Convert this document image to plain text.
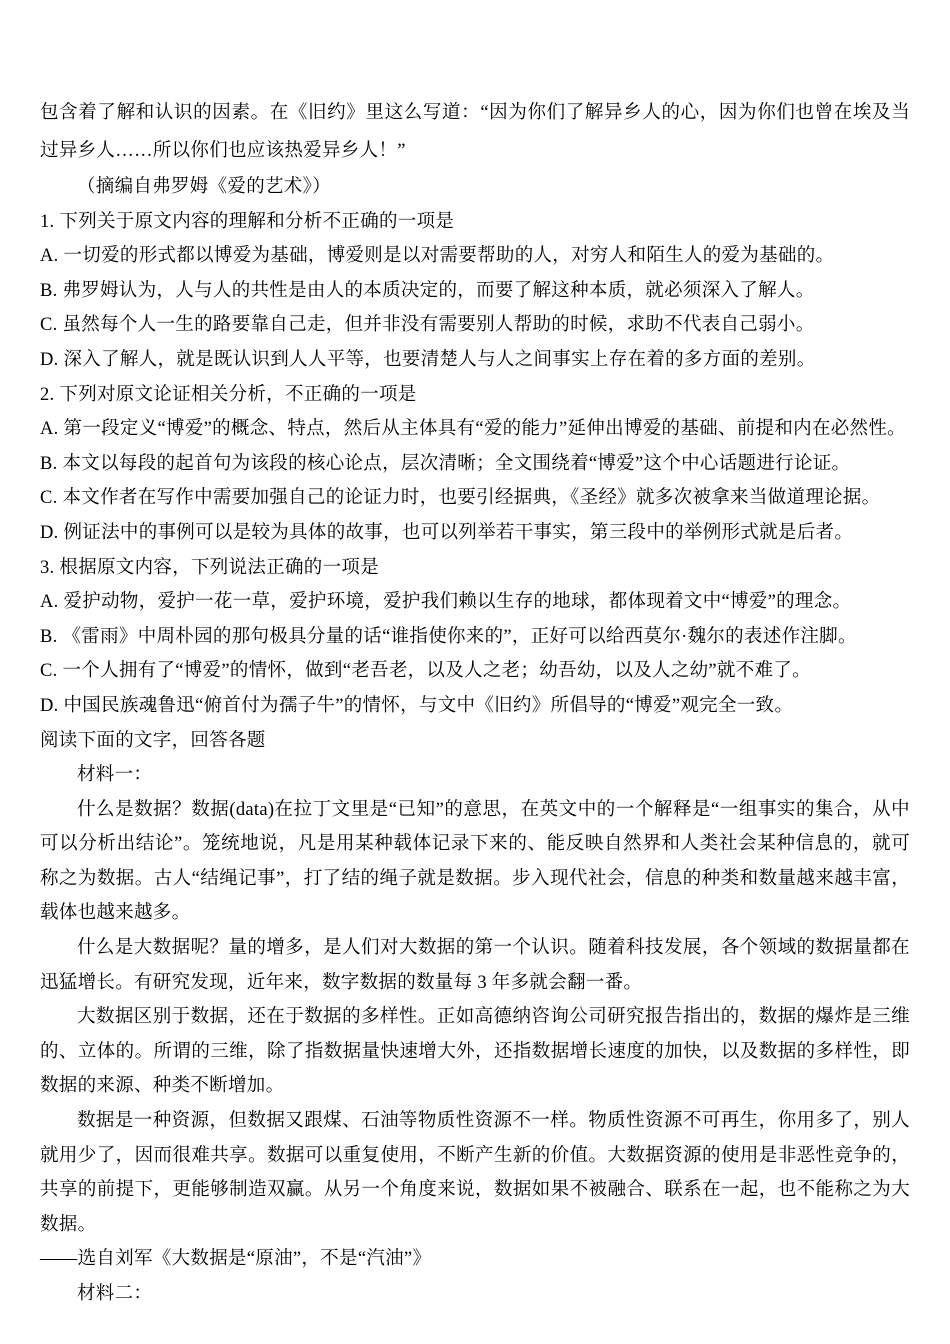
包含着了解和认识的因素。在《旧约》里这么写道：“因为你们了解异乡人的心，因为你们也曾在埃及当过异乡人……所以你们也应该热爱异乡人！”

（摘编自弗罗姆《爱的艺术》）

1. 下列关于原文内容的理解和分析不正确的一项是

A. 一切爱的形式都以博爱为基础，博爱则是以对需要帮助的人，对穷人和陌生人的爱为基础的。

B. 弗罗姆认为，人与人的共性是由人的本质决定的，而要了解这种本质，就必须深入了解人。

C. 虽然每个人一生的路要靠自己走，但并非没有需要别人帮助的时候，求助不代表自己弱小。

D. 深入了解人，就是既认识到人人平等，也要清楚人与人之间事实上存在着的多方面的差别。

2. 下列对原文论证相关分析，不正确的一项是

A. 第一段定义“博爱”的概念、特点，然后从主体具有“爱的能力”延伸出博爱的基础、前提和内在必然性。

B. 本文以每段的起首句为该段的核心论点，层次清晰；全文围绕着“博爱”这个中心话题进行论证。

C. 本文作者在写作中需要加强自己的论证力时，也要引经据典，《圣经》就多次被拿来当做道理论据。

D. 例证法中的事例可以是较为具体的故事，也可以列举若干事实，第三段中的举例形式就是后者。

3. 根据原文内容，下列说法正确的一项是

A. 爱护动物，爱护一花一草，爱护环境，爱护我们赖以生存的地球，都体现着文中“博爱”的理念。

B. 《雷雨》中周朴园的那句极具分量的话“谁指使你来的”，正好可以给西莫尔·魏尔的表述作注脚。

C. 一个人拥有了“博爱”的情怀，做到“老吾老，以及人之老；幼吾幼，以及人之幼”就不难了。

D. 中国民族魂鲁迅“俯首付为孺子牛”的情怀，与文中《旧约》所倡导的“博爱”观完全一致。

阅读下面的文字，回答各题

材料一：

什么是数据？数据(data)在拉丁文里是“已知”的意思，在英文中的一个解释是“一组事实的集合，从中可以分析出结论”。笼统地说，凡是用某种载体记录下来的、能反映自然界和人类社会某种信息的，就可称之为数据。古人“结绳记事”，打了结的绳子就是数据。步入现代社会，信息的种类和数量越来越丰富，载体也越来越多。

什么是大数据呢？量的增多，是人们对大数据的第一个认识。随着科技发展，各个领域的数据量都在迅猛增长。有研究发现，近年来，数字数据的数量每 3 年多就会翻一番。

大数据区别于数据，还在于数据的多样性。正如高德纳咨询公司研究报告指出的，数据的爆炸是三维的、立体的。所谓的三维，除了指数据量快速增大外，还指数据增长速度的加快，以及数据的多样性，即数据的来源、种类不断增加。

数据是一种资源，但数据又跟煤、石油等物质性资源不一样。物质性资源不可再生，你用多了，别人就用少了，因而很难共享。数据可以重复使用，不断产生新的价值。大数据资源的使用是非恶性竞争的，共享的前提下，更能够制造双赢。从另一个角度来说，数据如果不被融合、联系在一起，也不能称之为大数据。

——选自刘军《大数据是“原油”，不是“汽油”》

材料二：
